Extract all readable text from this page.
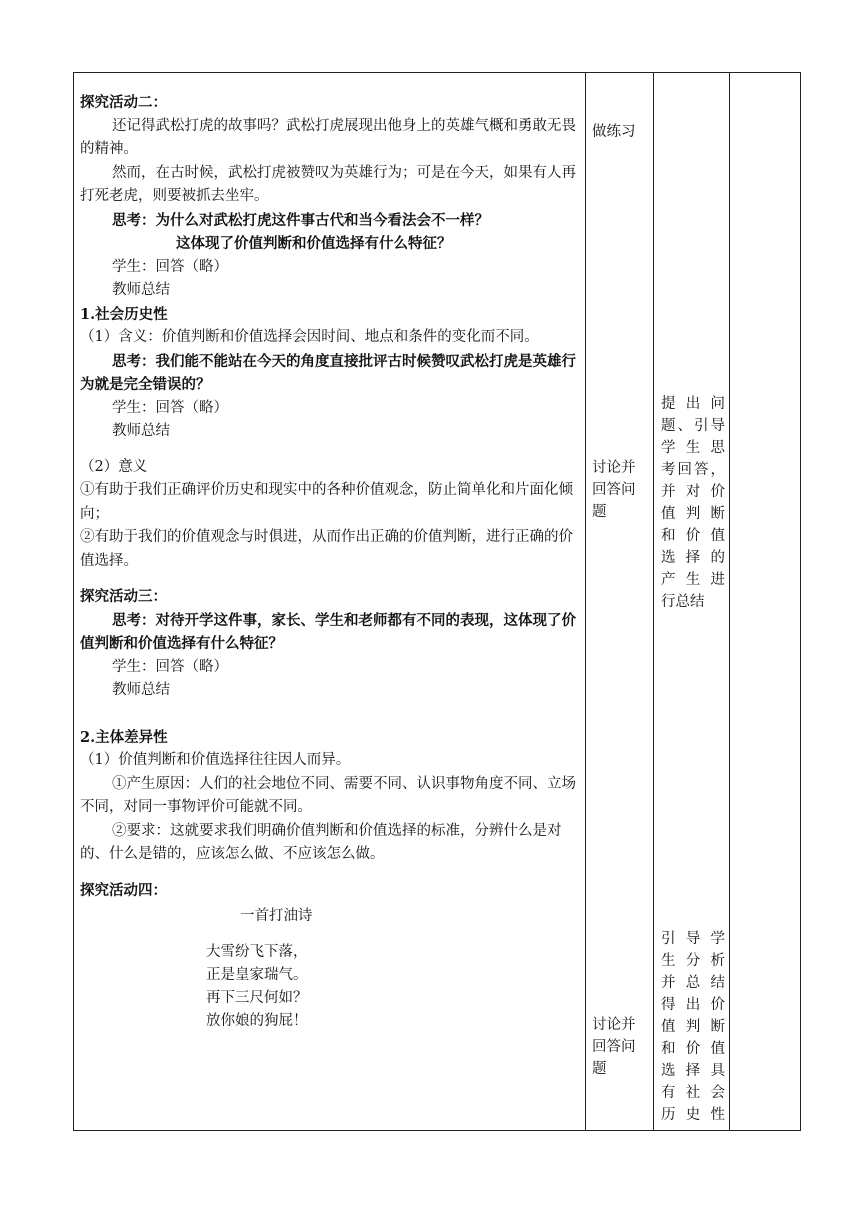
探究活动二：

还记得武松打虎的故事吗？武松打虎展现出他身上的英雄气概和勇敢无畏的精神。

然而，在古时候，武松打虎被赞叹为英雄行为；可是在今天，如果有人再打死老虎，则要被抓去坐牢。

思考：为什么对武松打虎这件事古代和当今看法会不一样？

这体现了价值判断和价值选择有什么特征？

学生：回答（略）

教师总结

1.社会历史性

（1）含义：价值判断和价值选择会因时间、地点和条件的变化而不同。

思考：我们能不能站在今天的角度直接批评古时候赞叹武松打虎是英雄行为就是完全错误的？

学生：回答（略）

教师总结

（2）意义

①有助于我们正确评价历史和现实中的各种价值观念，防止简单化和片面化倾向；

②有助于我们的价值观念与时俱进，从而作出正确的价值判断，进行正确的价值选择。

探究活动三：

思考：对待开学这件事，家长、学生和老师都有不同的表现，这体现了价值判断和价值选择有什么特征？

学生：回答（略）

教师总结

2.主体差异性

（1）价值判断和价值选择往往因人而异。

①产生原因：人们的社会地位不同、需要不同、认识事物角度不同、立场不同，对同一事物评价可能就不同。

②要求：这就要求我们明确价值判断和价值选择的标准，分辨什么是对的、什么是错的，应该怎么做、不应该怎么做。

探究活动四：

一首打油诗

大雪纷飞下落，

正是皇家瑞气。

再下三尺何如？

放你娘的狗屁！

做练习
讨论并
回答问
题
讨论并
回答问
题
提出问
题、引导
学生思
考回答，
并对价
值判断
和价值
选择的
产生进
行总结
引导学
生分析
并总结
得出价
值判断
和价值
选择具
有社会
历史性
